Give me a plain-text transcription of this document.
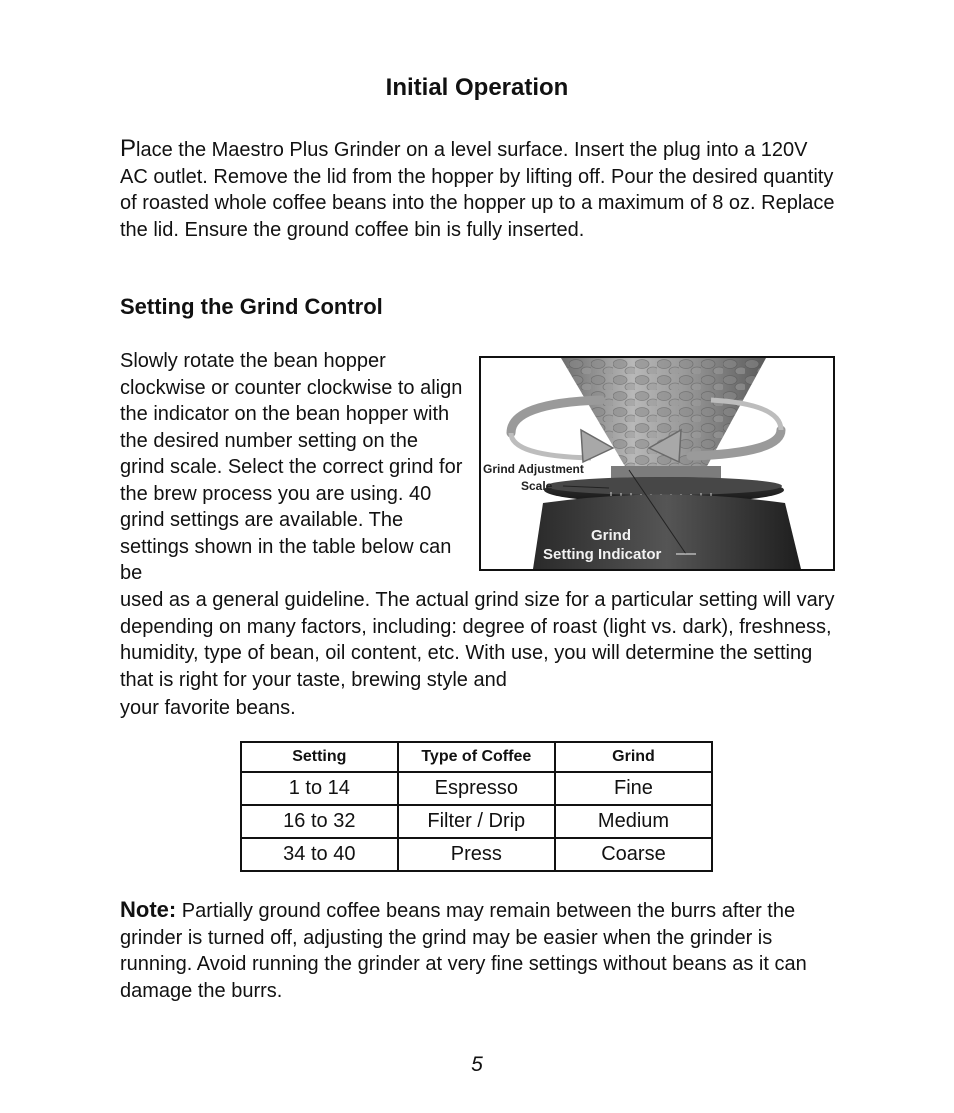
Initial Operation

Place the Maestro Plus Grinder on a level surface. Insert the plug into a 120V AC outlet. Remove the lid from the hopper by lifting off. Pour the desired quantity of roasted whole coffee beans into the hopper up to a maximum of 8 oz. Replace the lid. Ensure the ground coffee bin is fully inserted.

Setting the Grind Control

Slowly rotate the bean hopper clockwise or counter clockwise to align the indicator on the bean hopper with the desired number setting on the grind scale. Select the correct grind for the brew process you are using. 40 grind settings are available. The settings shown in the table below can be

Grind Adjustment
Scale
Grind
Setting Indicator

used as a general guideline. The actual grind size for a particular setting will vary depending on many factors, including: degree of roast (light vs. dark), freshness, humidity, type of bean, oil content, etc. With use, you will determine the setting that is right for your taste, brewing style and
your favorite beans.

Setting	Type of Coffee	Grind
1 to 14	Espresso	Fine
16 to 32	Filter / Drip	Medium
34 to 40	Press	Coarse

Note: Partially ground coffee beans may remain between the burrs after the grinder is turned off, adjusting the grind may be easier when the grinder is running. Avoid running the grinder at very fine settings without beans as it can damage the burrs.

5
